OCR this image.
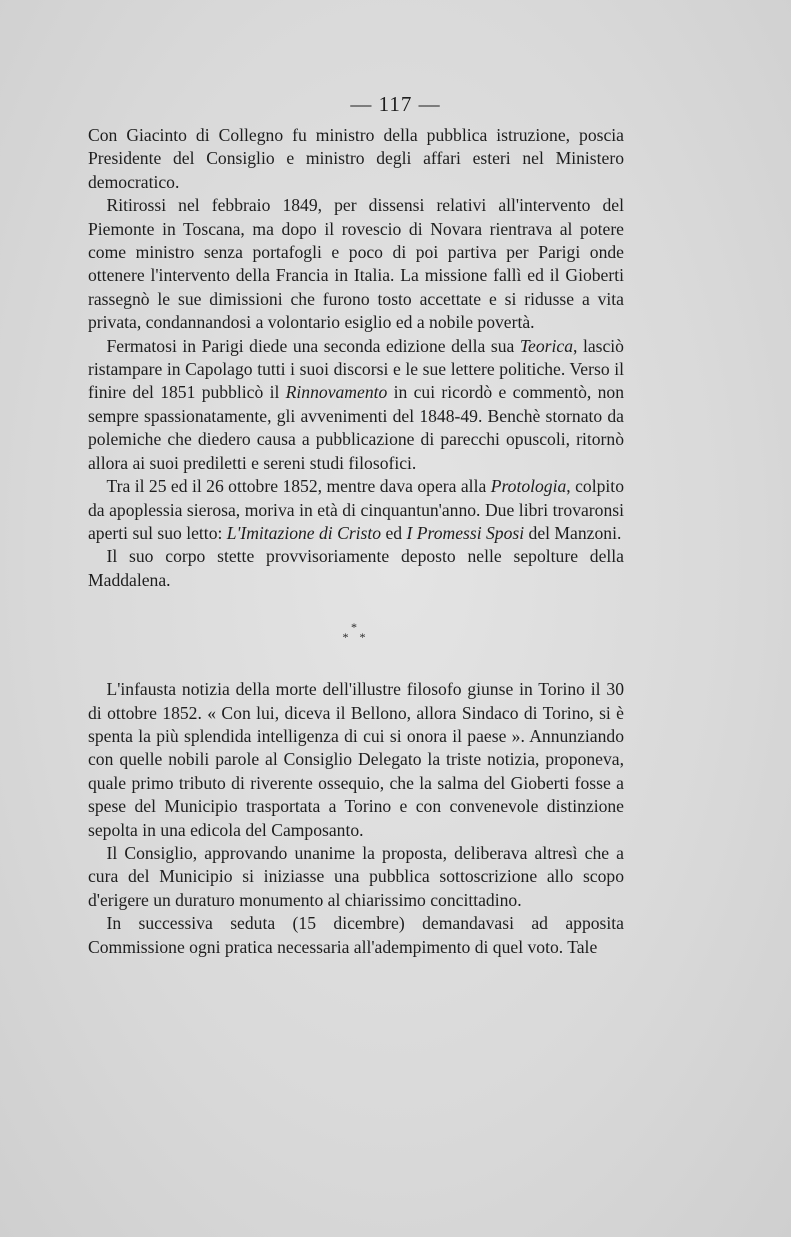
— 117 —

Con Giacinto di Collegno fu ministro della pubblica istruzione, poscia Presidente del Consiglio e ministro degli affari esteri nel Ministero democratico.

Ritirossi nel febbraio 1849, per dissensi relativi all'intervento del Piemonte in Toscana, ma dopo il rovescio di Novara rientrava al potere come ministro senza portafogli e poco di poi partiva per Parigi onde ottenere l'intervento della Francia in Italia. La missione fallì ed il Gioberti rassegnò le sue dimissioni che furono tosto accettate e si ridusse a vita privata, condannandosi a volontario esiglio ed a nobile povertà.

Fermatosi in Parigi diede una seconda edizione della sua Teorica, lasciò ristampare in Capolago tutti i suoi discorsi e le sue lettere politiche. Verso il finire del 1851 pubblicò il Rinnovamento in cui ricordò e commentò, non sempre spassionatamente, gli avvenimenti del 1848-49. Benchè stornato da polemiche che diedero causa a pubblicazione di parecchi opuscoli, ritornò allora ai suoi prediletti e sereni studi filosofici.

Tra il 25 ed il 26 ottobre 1852, mentre dava opera alla Protologia, colpito da apoplessia sierosa, moriva in età di cinquantun'anno. Due libri trovaronsi aperti sul suo letto: L'Imitazione di Cristo ed I Promessi Sposi del Manzoni.

Il suo corpo stette provvisoriamente deposto nelle sepolture della Maddalena.

*
* *

L'infausta notizia della morte dell'illustre filosofo giunse in Torino il 30 di ottobre 1852. « Con lui, diceva il Bellono, allora Sindaco di Torino, si è spenta la più splendida intelligenza di cui si onora il paese ». Annunziando con quelle nobili parole al Consiglio Delegato la triste notizia, proponeva, quale primo tributo di riverente ossequio, che la salma del Gioberti fosse a spese del Municipio trasportata a Torino e con convenevole distinzione sepolta in una edicola del Camposanto.

Il Consiglio, approvando unanime la proposta, deliberava altresì che a cura del Municipio si iniziasse una pubblica sottoscrizione allo scopo d'erigere un duraturo monumento al chiarissimo concittadino.

In successiva seduta (15 dicembre) demandavasi ad apposita Commissione ogni pratica necessaria all'adempimento di quel voto. Tale
